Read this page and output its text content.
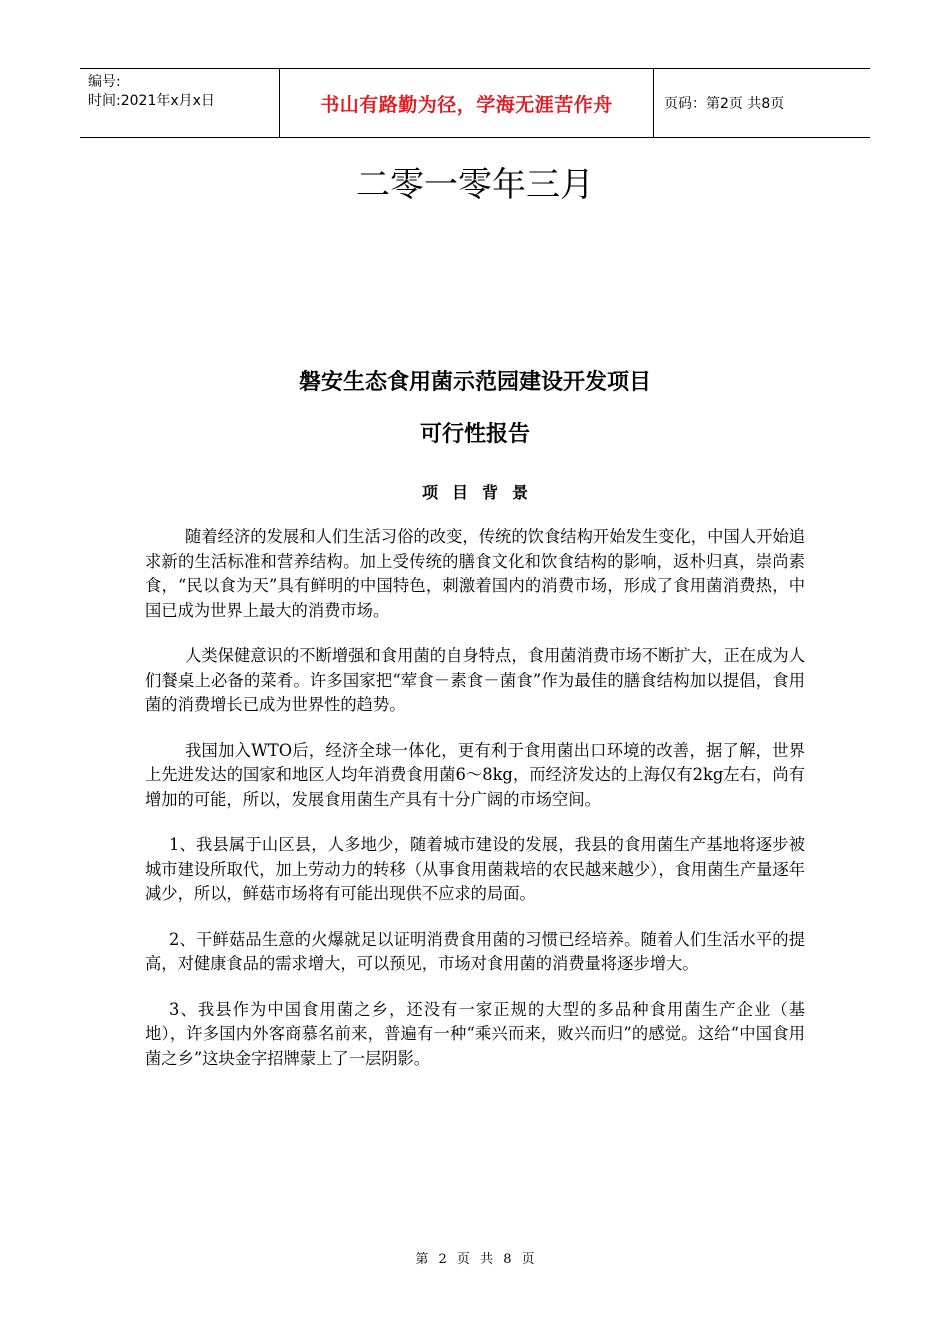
编号:
时间:2021年x月x日	书山有路勤为径，学海无涯苦作舟	页码：第2页 共8页
二零一零年三月
磐安生态食用菌示范园建设开发项目
可行性报告
项目背景

随着经济的发展和人们生活习俗的改变，传统的饮食结构开始发生变化，中国人开始追求新的生活标准和营养结构。加上受传统的膳食文化和饮食结构的影响，返朴归真，崇尚素食，“民以食为天”具有鲜明的中国特色，刺激着国内的消费市场，形成了食用菌消费热，中国已成为世界上最大的消费市场。

人类保健意识的不断增强和食用菌的自身特点，食用菌消费市场不断扩大，正在成为人们餐桌上必备的菜肴。许多国家把“荤食－素食－菌食”作为最佳的膳食结构加以提倡，食用菌的消费增长已成为世界性的趋势。

我国加入WTO后，经济全球一体化，更有利于食用菌出口环境的改善，据了解，世界上先进发达的国家和地区人均年消费食用菌6～8kg，而经济发达的上海仅有2kg左右，尚有增加的可能，所以，发展食用菌生产具有十分广阔的市场空间。

1、我县属于山区县，人多地少，随着城市建设的发展，我县的食用菌生产基地将逐步被城市建设所取代，加上劳动力的转移（从事食用菌栽培的农民越来越少），食用菌生产量逐年减少，所以，鲜菇市场将有可能出现供不应求的局面。

2、干鲜菇品生意的火爆就足以证明消费食用菌的习惯已经培养。随着人们生活水平的提高，对健康食品的需求增大，可以预见，市场对食用菌的消费量将逐步增大。

3、我县作为中国食用菌之乡，还没有一家正规的大型的多品种食用菌生产企业（基地），许多国内外客商慕名前来，普遍有一种“乘兴而来，败兴而归”的感觉。这给“中国食用菌之乡”这块金字招牌蒙上了一层阴影。

第 2 页 共 8 页
